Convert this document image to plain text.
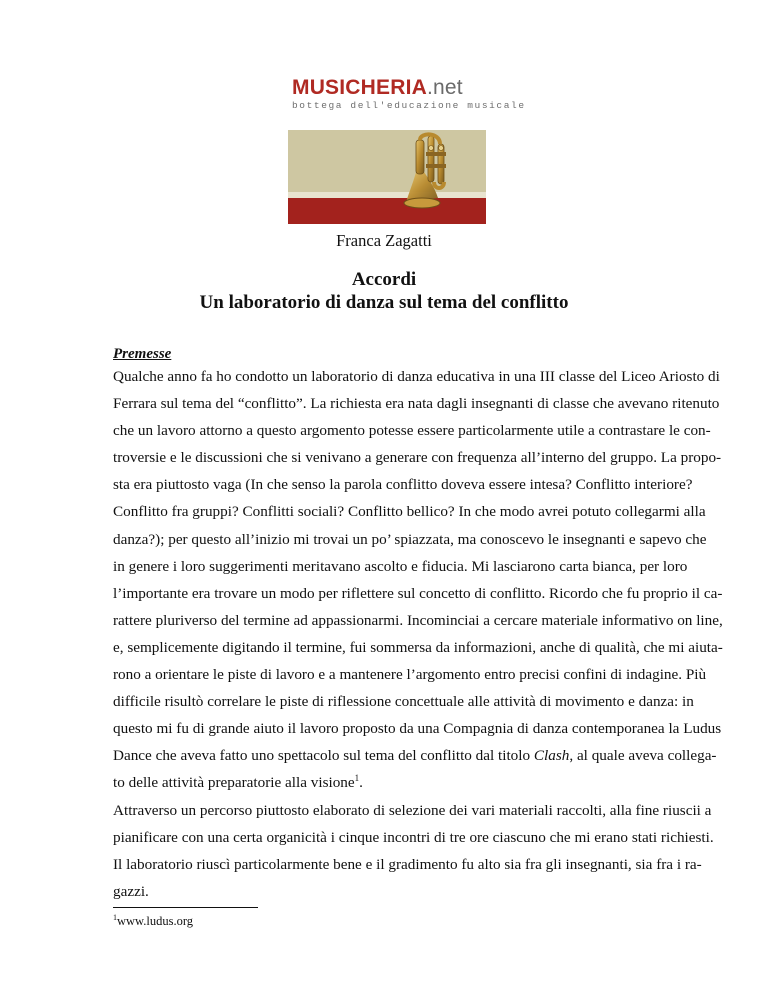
MUSICHERIA.net
bottega dell'educazione musicale
Franca Zagatti
Accordi
Un laboratorio di danza sul tema del conflitto
Premesse
Qualche anno fa ho condotto un laboratorio di danza educativa in una III classe del Liceo Ariosto di
Ferrara sul tema del “conflitto”. La richiesta era nata dagli insegnanti di classe che avevano ritenuto
che un lavoro attorno a questo argomento potesse essere particolarmente utile a contrastare le con-
troversie e le discussioni che si venivano a generare con frequenza all’interno del gruppo. La propo-
sta era piuttosto vaga (In che senso la parola conflitto doveva essere intesa? Conflitto interiore?
Conflitto fra gruppi? Conflitti sociali? Conflitto bellico? In che modo avrei potuto collegarmi alla
danza?); per questo all’inizio mi trovai un po’ spiazzata, ma conoscevo le insegnanti e sapevo che
in genere i loro suggerimenti meritavano ascolto e fiducia. Mi lasciarono carta bianca, per loro
l’importante era trovare un modo per riflettere sul concetto di conflitto. Ricordo che fu proprio il ca-
rattere pluriverso del termine ad appassionarmi. Incominciai a cercare materiale informativo on line,
e, semplicemente digitando il termine, fui sommersa da informazioni, anche di qualità, che mi aiuta-
rono a orientare le piste di lavoro e a mantenere l’argomento entro precisi confini di indagine. Più
difficile risultò correlare le piste di riflessione concettuale alle attività di movimento e danza: in
questo mi fu di grande aiuto il lavoro proposto da una Compagnia di danza contemporanea la Ludus
Dance che aveva fatto uno spettacolo sul tema del conflitto dal titolo Clash, al quale aveva collega-
to delle attività preparatorie alla visione$^1$.
Attraverso un percorso piuttosto elaborato di selezione dei vari materiali raccolti, alla fine riuscii a
pianificare con una certa organicità i cinque incontri di tre ore ciascuno che mi erano stati richiesti.
Il laboratorio riuscì particolarmente bene e il gradimento fu alto sia fra gli insegnanti, sia fra i ra-
gazzi.
$^1$www.ludus.org
